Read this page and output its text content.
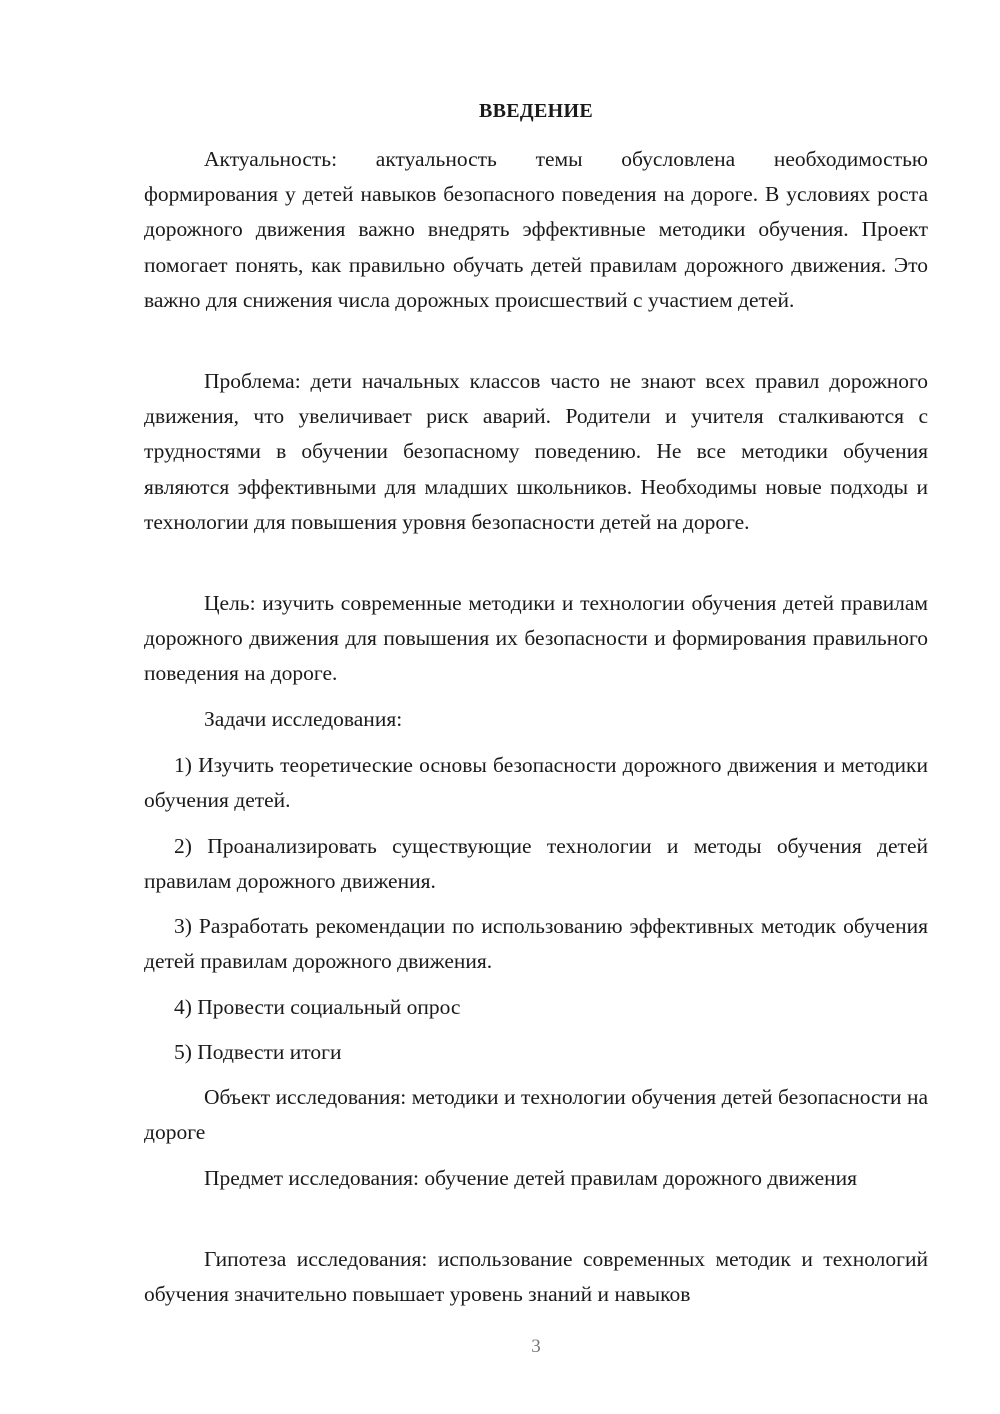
ВВЕДЕНИЕ

Актуальность: актуальность темы обусловлена необходимостью формирования у детей навыков безопасного поведения на дороге. В условиях роста дорожного движения важно внедрять эффективные методики обучения. Проект помогает понять, как правильно обучать детей правилам дорожного движения. Это важно для снижения числа дорожных происшествий с участием детей.

Проблема: дети начальных классов часто не знают всех правил дорожного движения, что увеличивает риск аварий. Родители и учителя сталкиваются с трудностями в обучении безопасному поведению. Не все методики обучения являются эффективными для младших школьников. Необходимы новые подходы и технологии для повышения уровня безопасности детей на дороге.

Цель: изучить современные методики и технологии обучения детей правилам дорожного движения для повышения их безопасности и формирования правильного поведения на дороге.

Задачи исследования:

1) Изучить теоретические основы безопасности дорожного движения и методики обучения детей.

2) Проанализировать существующие технологии и методы обучения детей правилам дорожного движения.

3) Разработать рекомендации по использованию эффективных методик обучения детей правилам дорожного движения.

4) Провести социальный опрос

5) Подвести итоги

Объект исследования: методики и технологии обучения детей безопасности на дороге

Предмет исследования: обучение детей правилам дорожного движения

Гипотеза исследования: использование современных методик и технологий обучения значительно повышает уровень знаний и навыков

3
